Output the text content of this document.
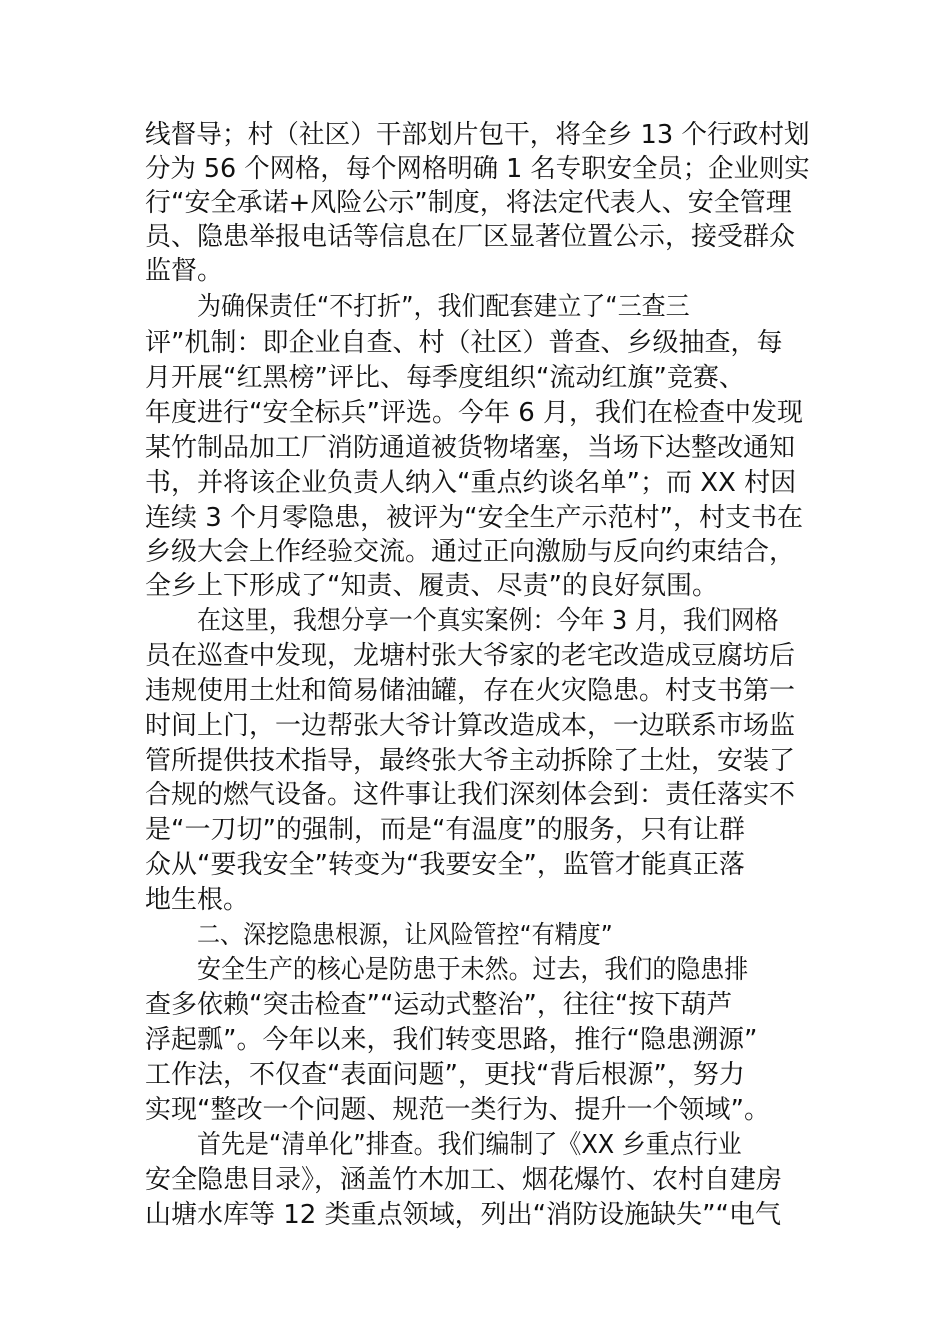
线督导；村（社区）干部划片包干，将全乡 13 个行政村划
分为 56 个网格，每个网格明确 1 名专职安全员；企业则实
行“安全承诺+风险公示”制度，将法定代表人、安全管理
员、隐患举报电话等信息在厂区显著位置公示，接受群众
监督。
为确保责任“不打折”，我们配套建立了“三查三
评”机制：即企业自查、村（社区）普查、乡级抽查，每
月开展“红黑榜”评比、每季度组织“流动红旗”竞赛、
年度进行“安全标兵”评选。今年 6 月，我们在检查中发现
某竹制品加工厂消防通道被货物堵塞，当场下达整改通知
书，并将该企业负责人纳入“重点约谈名单”；而 XX 村因
连续 3 个月零隐患，被评为“安全生产示范村”，村支书在
乡级大会上作经验交流。通过正向激励与反向约束结合，
全乡上下形成了“知责、履责、尽责”的良好氛围。
在这里，我想分享一个真实案例：今年 3 月，我们网格
员在巡查中发现，龙塘村张大爷家的老宅改造成豆腐坊后
违规使用土灶和简易储油罐，存在火灾隐患。村支书第一
时间上门，一边帮张大爷计算改造成本，一边联系市场监
管所提供技术指导，最终张大爷主动拆除了土灶，安装了
合规的燃气设备。这件事让我们深刻体会到：责任落实不
是“一刀切”的强制，而是“有温度”的服务，只有让群
众从“要我安全”转变为“我要安全”，监管才能真正落
地生根。
二、深挖隐患根源，让风险管控“有精度”
安全生产的核心是防患于未然。过去，我们的隐患排
查多依赖“突击检查”“运动式整治”，往往“按下葫芦
浮起瓢”。今年以来，我们转变思路，推行“隐患溯源”
工作法，不仅查“表面问题”，更找“背后根源”，努力
实现“整改一个问题、规范一类行为、提升一个领域”。
首先是“清单化”排查。我们编制了《XX 乡重点行业
安全隐患目录》，涵盖竹木加工、烟花爆竹、农村自建房
山塘水库等 12 类重点领域，列出“消防设施缺失”“电气
